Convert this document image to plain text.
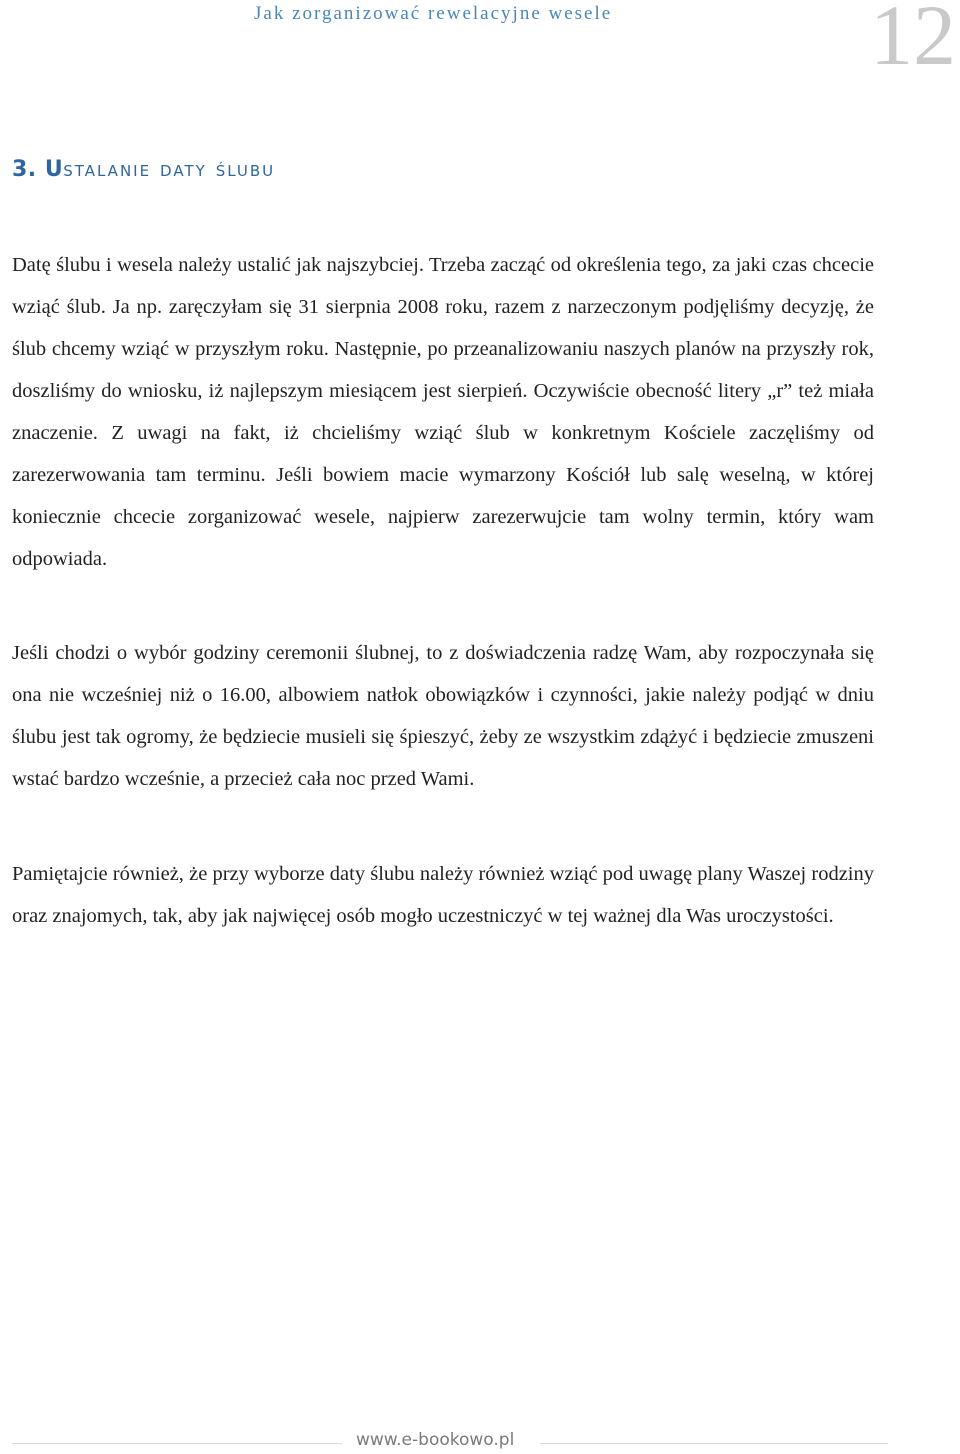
Jak zorganizować rewelacyjne wesele	12
3. Ustalanie daty ślubu

Datę ślubu i wesela należy ustalić jak najszybciej. Trzeba zacząć od określenia tego, za jaki czas chcecie wziąć ślub. Ja np. zaręczyłam się 31 sierpnia 2008 roku, razem z narzeczonym podjęliśmy decyzję, że ślub chcemy wziąć w przyszłym roku. Następnie, po przeanalizowaniu naszych planów na przyszły rok, doszliśmy do wniosku, iż najlepszym miesiącem jest sierpień. Oczywiście obecność litery „r” też miała znaczenie. Z uwagi na fakt, iż chcieliśmy wziąć ślub w konkretnym Kościele zaczęliśmy od zarezerwowania tam terminu. Jeśli bowiem macie wymarzony Kościół lub salę weselną, w której koniecznie chcecie zorganizować wesele, najpierw zarezerwujcie tam wolny termin, który wam odpowiada.

Jeśli chodzi o wybór godziny ceremonii ślubnej, to z doświadczenia radzę Wam, aby rozpoczynała się ona nie wcześniej niż o 16.00, albowiem natłok obowiązków i czynności, jakie należy podjąć w dniu ślubu jest tak ogromy, że będziecie musieli się śpieszyć, żeby ze wszystkim zdążyć i będziecie zmuszeni wstać bardzo wcześnie, a przecież cała noc przed Wami.

Pamiętajcie również, że przy wyborze daty ślubu należy również wziąć pod uwagę plany Waszej rodziny oraz znajomych, tak, aby jak najwięcej osób mogło uczestniczyć w tej ważnej dla Was uroczystości.

www.e-bookowo.pl
